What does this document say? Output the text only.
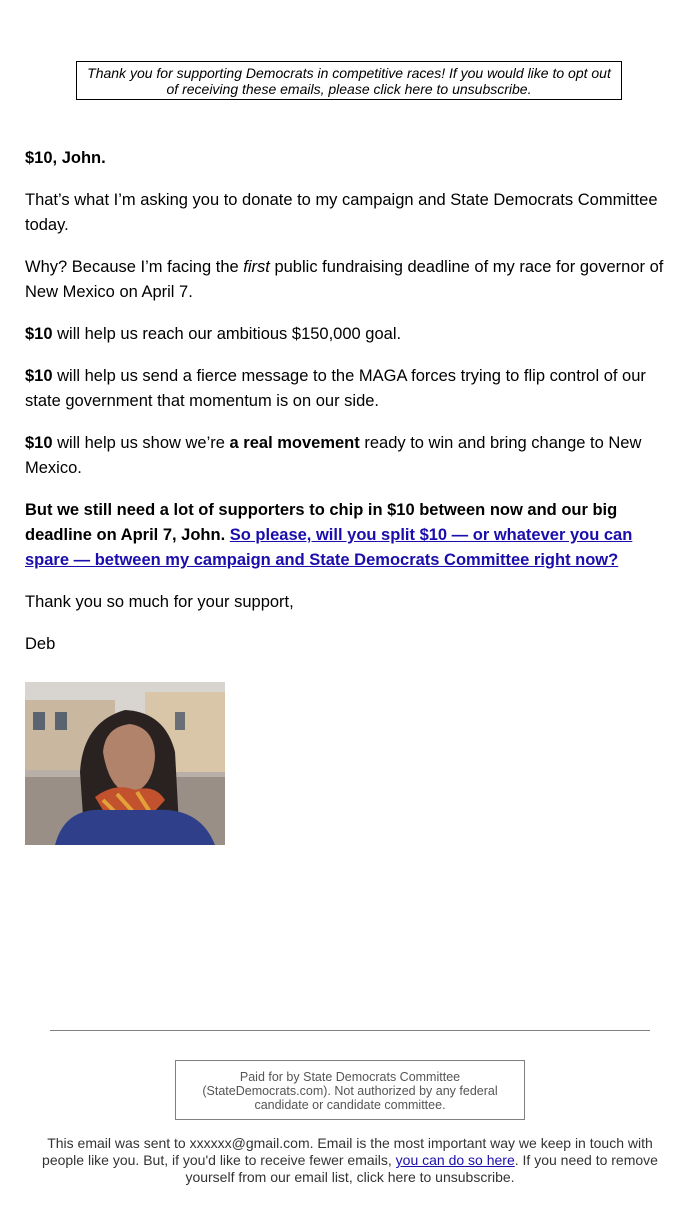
Thank you for supporting Democrats in competitive races! If you would like to opt out of receiving these emails, please click here to unsubscribe.

$10, John.

That’s what I’m asking you to donate to my campaign and State Democrats Committee today.

Why? Because I’m facing the first public fundraising deadline of my race for governor of New Mexico on April 7.

$10 will help us reach our ambitious $150,000 goal.

$10 will help us send a fierce message to the MAGA forces trying to flip control of our state government that momentum is on our side.

$10 will help us show we’re a real movement ready to win and bring change to New Mexico.

But we still need a lot of supporters to chip in $10 between now and our big deadline on April 7, John. So please, will you split $10 — or whatever you can spare — between my campaign and State Democrats Committee right now?

Thank you so much for your support,

Deb

Paid for by State Democrats Committee (StateDemocrats.com). Not authorized by any federal candidate or candidate committee.
This email was sent to xxxxxx@gmail.com. Email is the most important way we keep in touch with people like you. But, if you'd like to receive fewer emails, you can do so here. If you need to remove yourself from our email list, click here to unsubscribe.
